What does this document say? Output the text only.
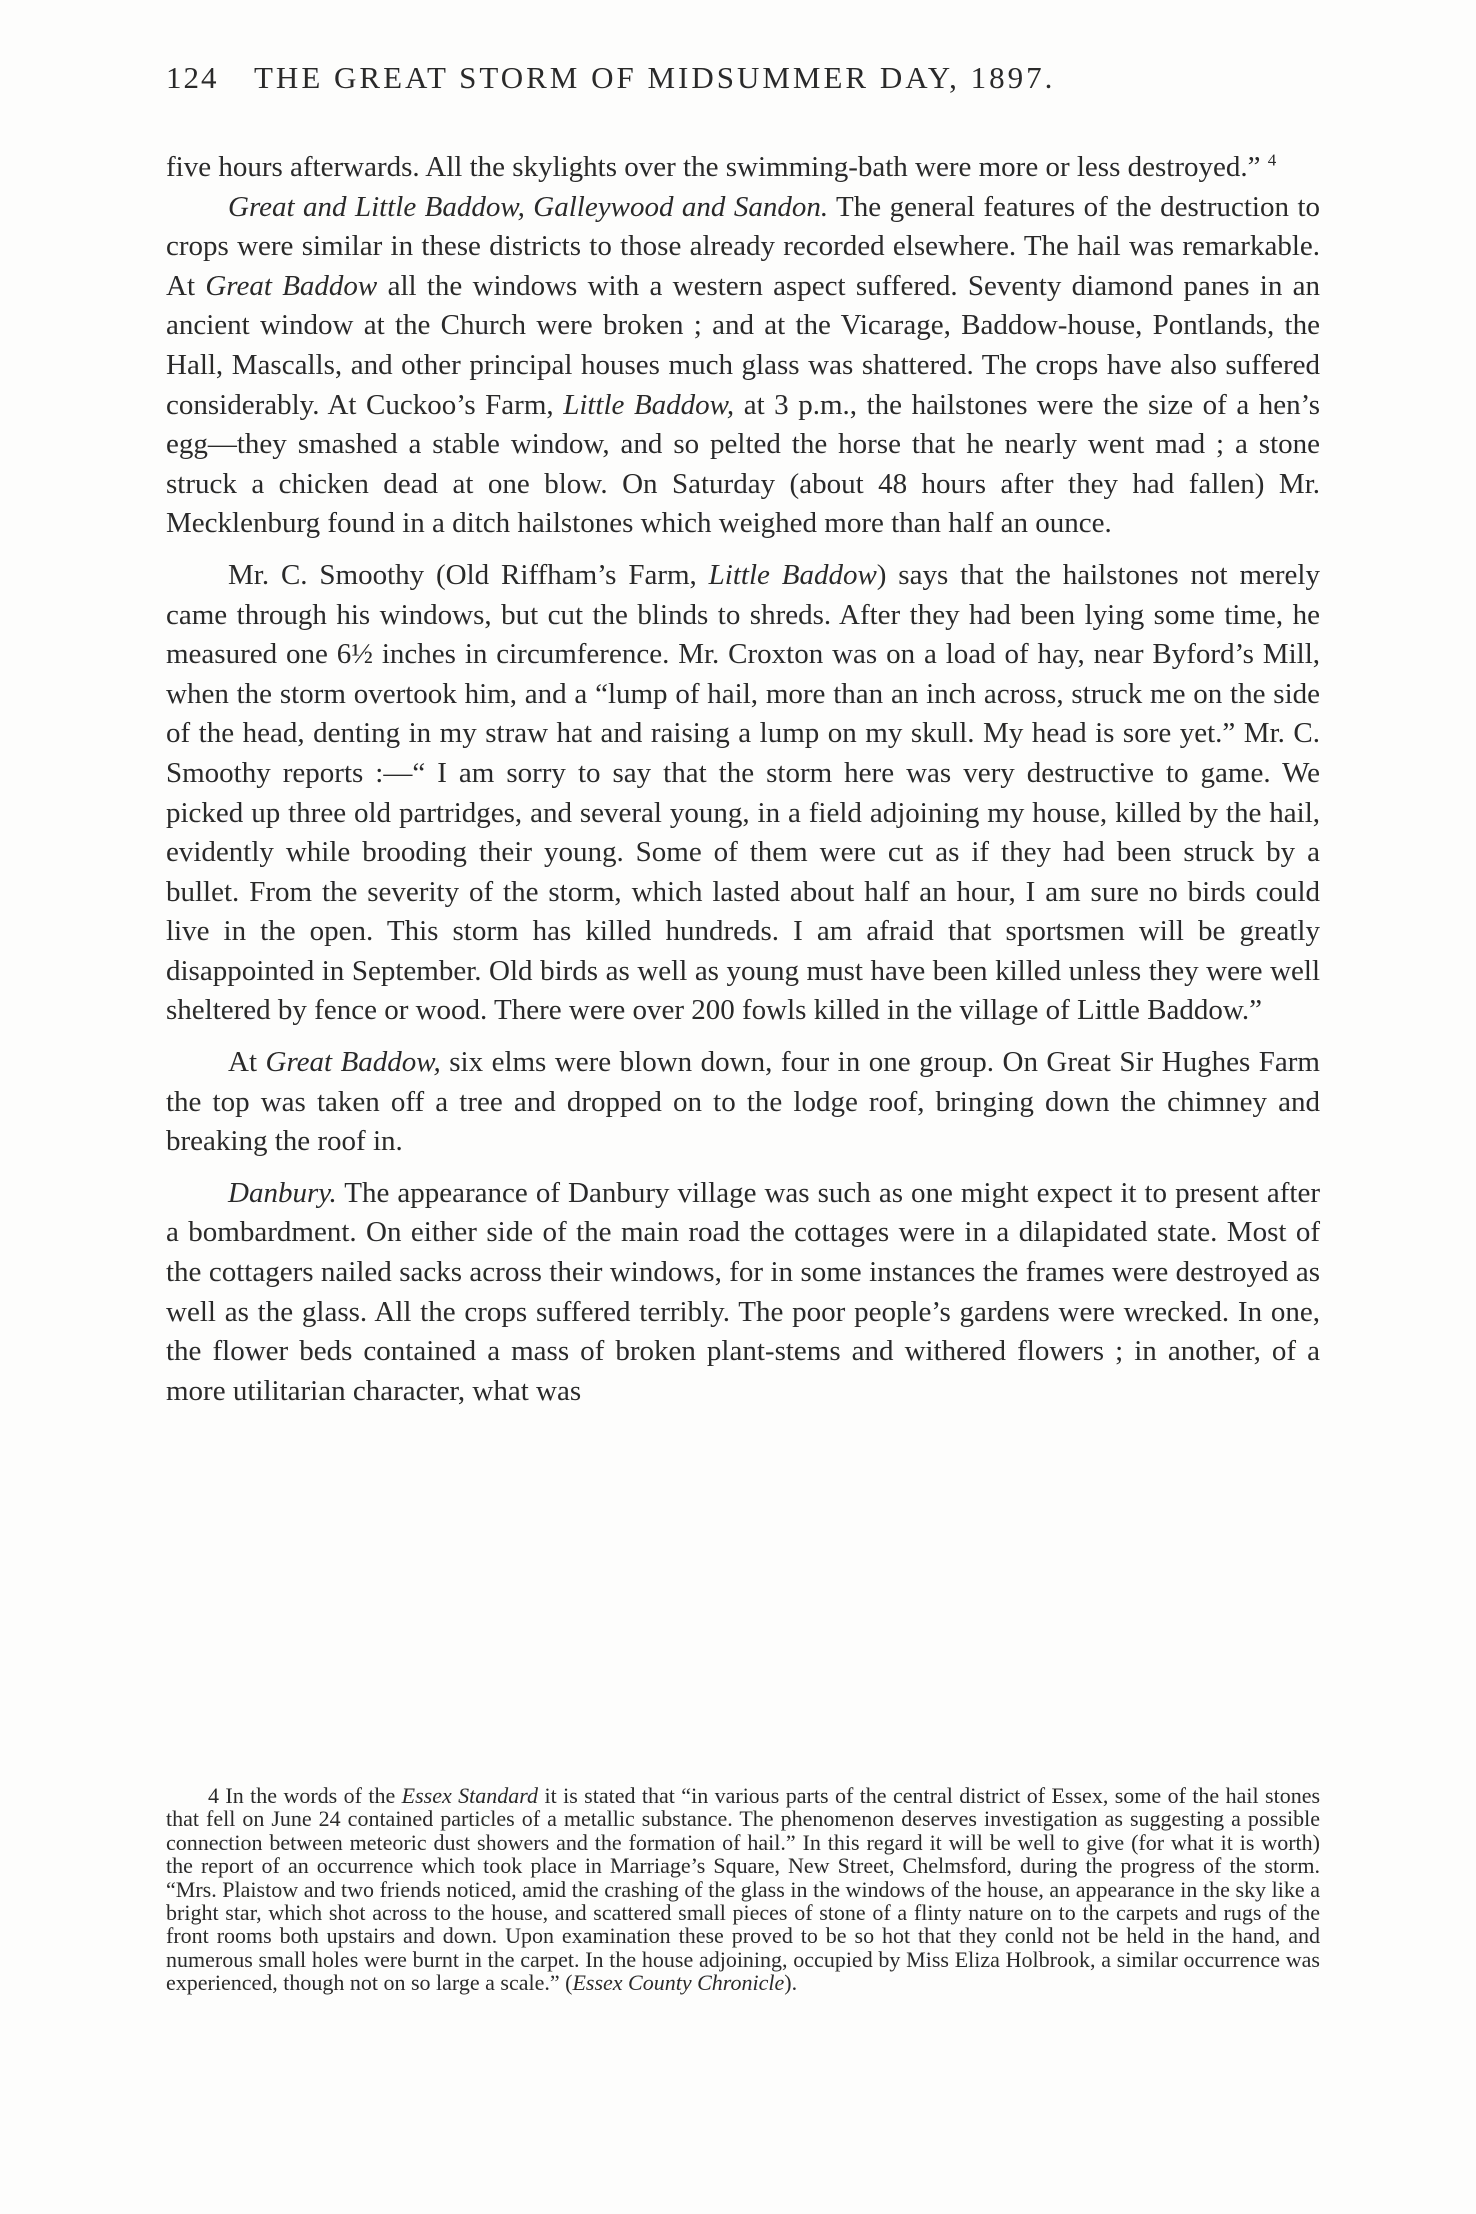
124	THE GREAT STORM OF MIDSUMMER DAY, 1897.

five hours afterwards. All the skylights over the swimming-bath were more or less destroyed.” $^4$

Great and Little Baddow, Galleywood and Sandon. The general features of the destruction to crops were similar in these districts to those already recorded elsewhere. The hail was remarkable. At Great Baddow all the windows with a western aspect suffered. Seventy diamond panes in an ancient window at the Church were broken ; and at the Vicarage, Baddow-house, Pontlands, the Hall, Mascalls, and other principal houses much glass was shattered. The crops have also suffered considerably. At Cuckoo’s Farm, Little Baddow, at 3 p.m., the hailstones were the size of a hen’s egg—they smashed a stable window, and so pelted the horse that he nearly went mad ; a stone struck a chicken dead at one blow. On Saturday (about 48 hours after they had fallen) Mr. Mecklenburg found in a ditch hailstones which weighed more than half an ounce.

Mr. C. Smoothy (Old Riffham’s Farm, Little Baddow) says that the hailstones not merely came through his windows, but cut the blinds to shreds. After they had been lying some time, he measured one 6½ inches in circumference. Mr. Croxton was on a load of hay, near Byford’s Mill, when the storm overtook him, and a “lump of hail, more than an inch across, struck me on the side of the head, denting in my straw hat and raising a lump on my skull. My head is sore yet.” Mr. C. Smoothy reports :—“ I am sorry to say that the storm here was very destructive to game. We picked up three old partridges, and several young, in a field adjoining my house, killed by the hail, evidently while brooding their young. Some of them were cut as if they had been struck by a bullet. From the severity of the storm, which lasted about half an hour, I am sure no birds could live in the open. This storm has killed hundreds. I am afraid that sportsmen will be greatly disappointed in September. Old birds as well as young must have been killed unless they were well sheltered by fence or wood. There were over 200 fowls killed in the village of Little Baddow.”

At Great Baddow, six elms were blown down, four in one group. On Great Sir Hughes Farm the top was taken off a tree and dropped on to the lodge roof, bringing down the chimney and breaking the roof in.

Danbury. The appearance of Danbury village was such as one might expect it to present after a bombardment. On either side of the main road the cottages were in a dilapidated state. Most of the cottagers nailed sacks across their windows, for in some instances the frames were destroyed as well as the glass. All the crops suffered terribly. The poor people’s gardens were wrecked. In one, the flower beds contained a mass of broken plant-stems and withered flowers ; in another, of a more utilitarian character, what was

4 In the words of the Essex Standard it is stated that “in various parts of the central district of Essex, some of the hail stones that fell on June 24 contained particles of a metallic substance. The phenomenon deserves investigation as suggesting a possible connection between meteoric dust showers and the formation of hail.” In this regard it will be well to give (for what it is worth) the report of an occurrence which took place in Marriage’s Square, New Street, Chelmsford, during the progress of the storm. “Mrs. Plaistow and two friends noticed, amid the crashing of the glass in the windows of the house, an appearance in the sky like a bright star, which shot across to the house, and scattered small pieces of stone of a flinty nature on to the carpets and rugs of the front rooms both upstairs and down. Upon examination these proved to be so hot that they conld not be held in the hand, and numerous small holes were burnt in the carpet. In the house adjoining, occupied by Miss Eliza Holbrook, a similar occurrence was experienced, though not on so large a scale.” (Essex County Chronicle).
